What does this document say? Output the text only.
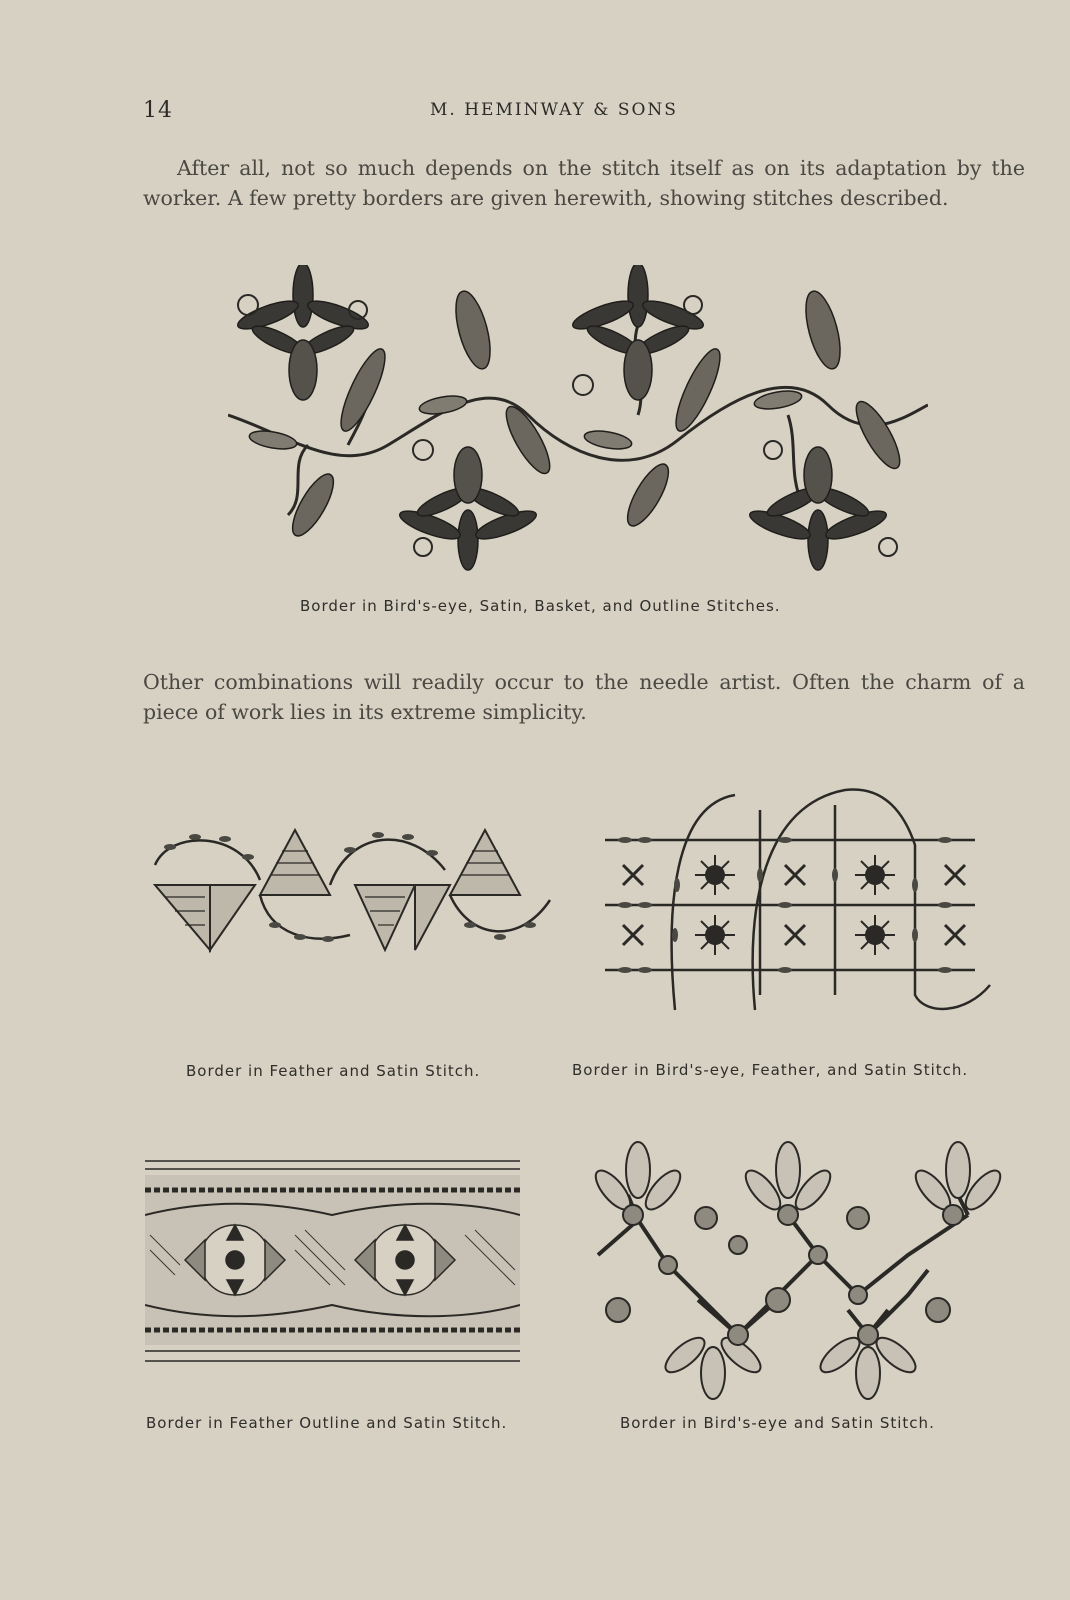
14	M. HEMINWAY & SONS
After all, not so much depends on the stitch itself as on its adaptation by the
worker. A few pretty borders are given herewith, showing stitches described.
Border in Bird's-eye, Satin, Basket, and Outline Stitches.
Other combinations will readily occur to the needle artist. Often the charm of a
piece of work lies in its extreme simplicity.
Border in Feather and Satin Stitch.	Border in Bird's-eye, Feather, and Satin Stitch.
Border in Feather Outline and Satin Stitch.	Border in Bird's-eye and Satin Stitch.
